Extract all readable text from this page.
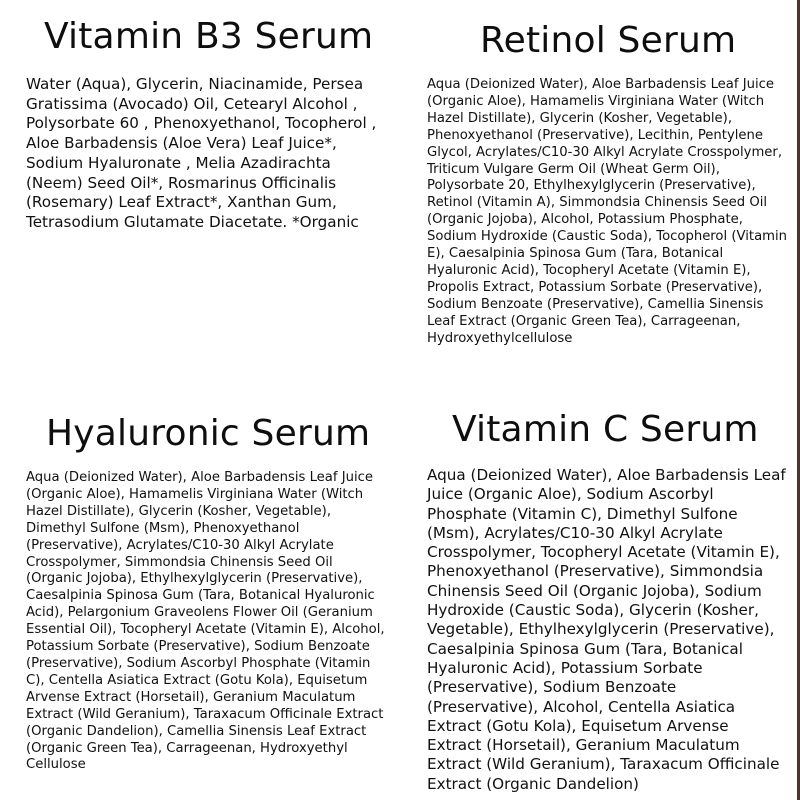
Vitamin B3 Serum

Water (Aqua), Glycerin, Niacinamide, Persea Gratissima (Avocado) Oil, Cetearyl Alcohol , Polysorbate 60 , Phenoxyethanol, Tocopherol , Aloe Barbadensis (Aloe Vera) Leaf Juice*, Sodium Hyaluronate , Melia Azadirachta (Neem) Seed Oil*, Rosmarinus Officinalis (Rosemary) Leaf Extract*, Xanthan Gum, Tetrasodium Glutamate Diacetate. *Organic

Retinol Serum

Aqua (Deionized Water), Aloe Barbadensis Leaf Juice (Organic Aloe), Hamamelis Virginiana Water (Witch Hazel Distillate), Glycerin (Kosher, Vegetable), Phenoxyethanol (Preservative), Lecithin, Pentylene Glycol, Acrylates/C10-30 Alkyl Acrylate Crosspolymer, Triticum Vulgare Germ Oil (Wheat Germ Oil), Polysorbate 20, Ethylhexylglycerin (Preservative), Retinol (Vitamin A), Simmondsia Chinensis Seed Oil (Organic Jojoba), Alcohol, Potassium Phosphate, Sodium Hydroxide (Caustic Soda), Tocopherol (Vitamin E), Caesalpinia Spinosa Gum (Tara, Botanical Hyaluronic Acid), Tocopheryl Acetate (Vitamin E), Propolis Extract, Potassium Sorbate (Preservative), Sodium Benzoate (Preservative), Camellia Sinensis Leaf Extract (Organic Green Tea), Carrageenan, Hydroxyethylcellulose

Hyaluronic Serum

Aqua (Deionized Water), Aloe Barbadensis Leaf Juice (Organic Aloe), Hamamelis Virginiana Water (Witch Hazel Distillate), Glycerin (Kosher, Vegetable), Dimethyl Sulfone (Msm), Phenoxyethanol (Preservative), Acrylates/C10-30 Alkyl Acrylate Crosspolymer, Simmondsia Chinensis Seed Oil (Organic Jojoba), Ethylhexylglycerin (Preservative), Caesalpinia Spinosa Gum (Tara, Botanical Hyaluronic Acid), Pelargonium Graveolens Flower Oil (Geranium Essential Oil), Tocopheryl Acetate (Vitamin E), Alcohol, Potassium Sorbate (Preservative), Sodium Benzoate (Preservative), Sodium Ascorbyl Phosphate (Vitamin C), Centella Asiatica Extract (Gotu Kola), Equisetum Arvense Extract (Horsetail), Geranium Maculatum Extract (Wild Geranium), Taraxacum Officinale Extract (Organic Dandelion), Camellia Sinensis Leaf Extract (Organic Green Tea), Carrageenan, Hydroxyethyl Cellulose

Vitamin C Serum

Aqua (Deionized Water), Aloe Barbadensis Leaf Juice (Organic Aloe), Sodium Ascorbyl Phosphate (Vitamin C), Dimethyl Sulfone (Msm), Acrylates/C10-30 Alkyl Acrylate Crosspolymer, Tocopheryl Acetate (Vitamin E), Phenoxyethanol (Preservative), Simmondsia Chinensis Seed Oil (Organic Jojoba), Sodium Hydroxide (Caustic Soda), Glycerin (Kosher, Vegetable), Ethylhexylglycerin (Preservative), Caesalpinia Spinosa Gum (Tara, Botanical Hyaluronic Acid), Potassium Sorbate (Preservative), Sodium Benzoate (Preservative), Alcohol, Centella Asiatica Extract (Gotu Kola), Equisetum Arvense Extract (Horsetail), Geranium Maculatum Extract (Wild Geranium), Taraxacum Officinale Extract (Organic Dandelion)
